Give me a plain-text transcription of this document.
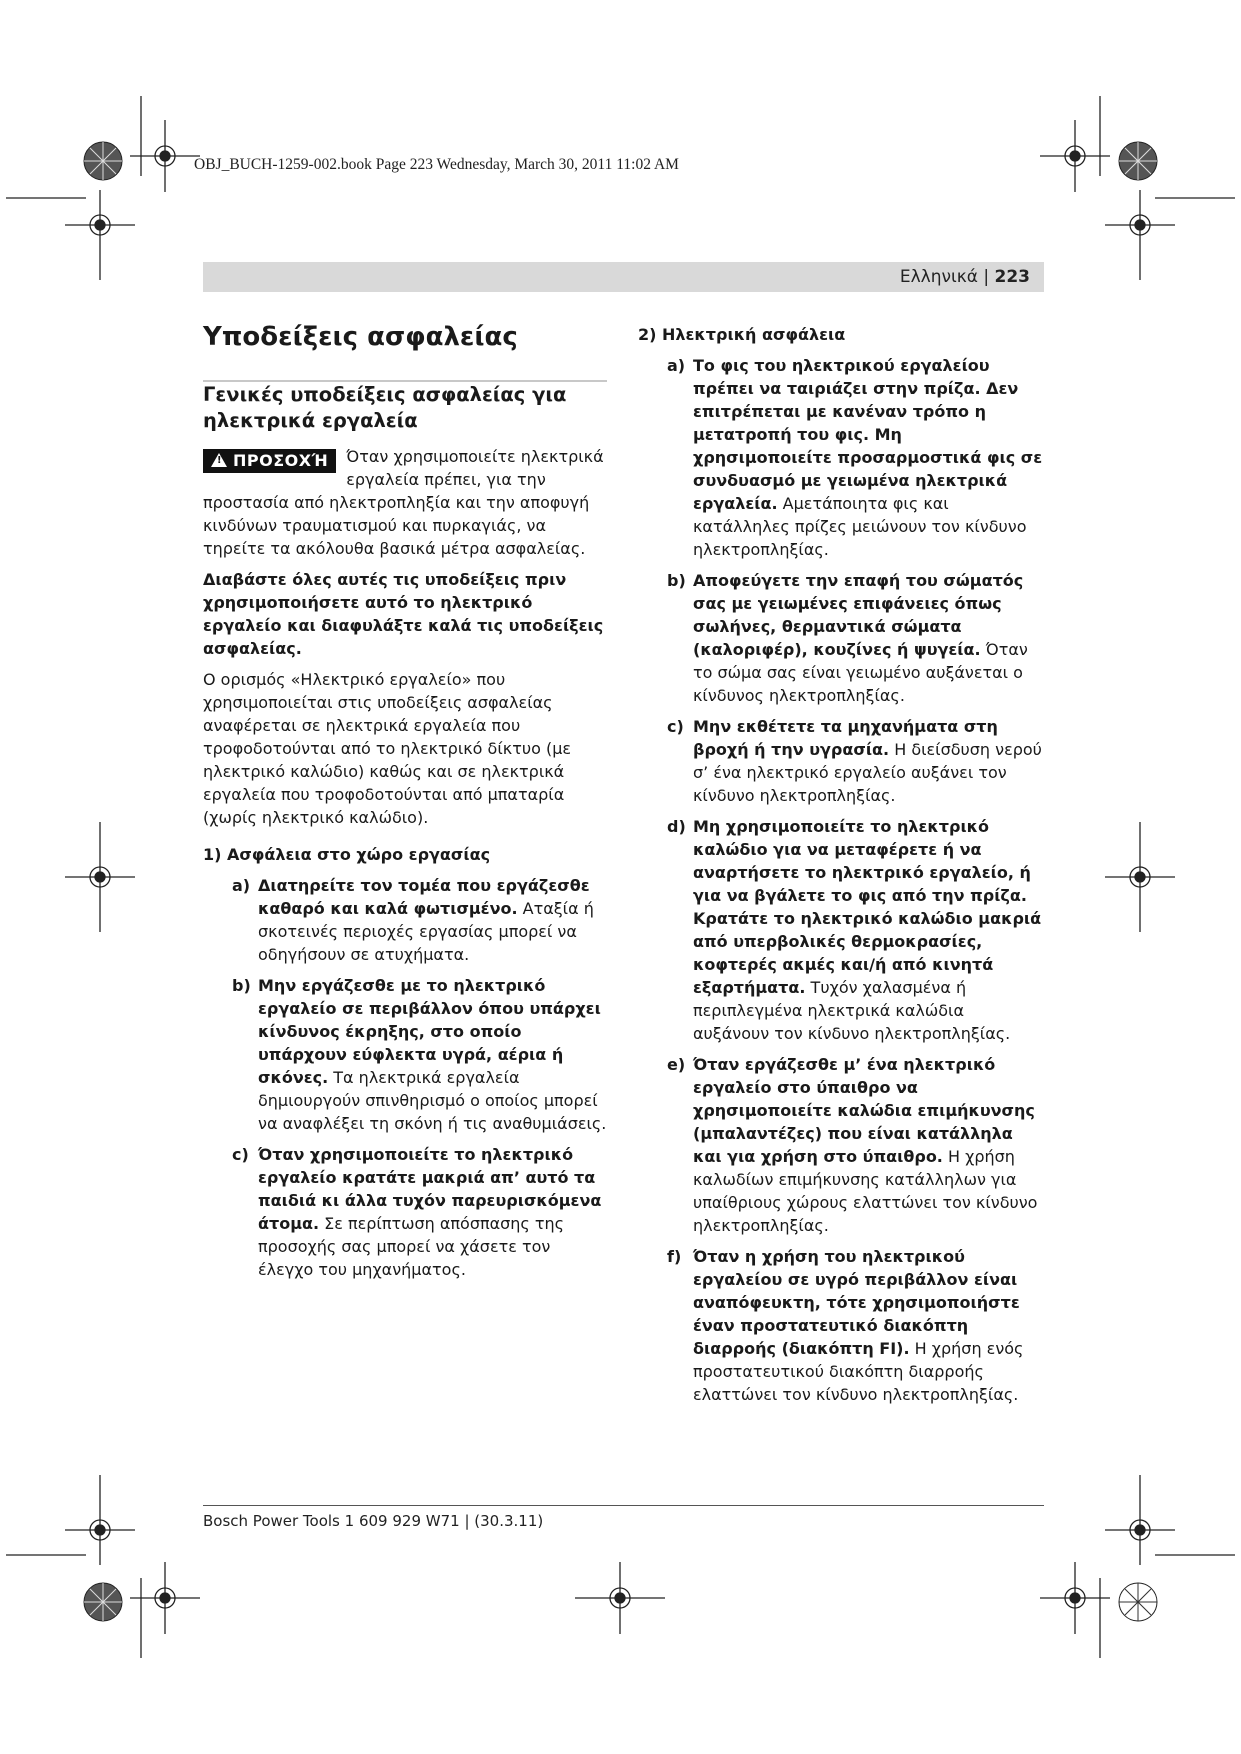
OBJ_BUCH-1259-002.book Page 223 Wednesday, March 30, 2011 11:02 AM
Ελληνικά | 223

Υποδείξεις ασφαλείας

Γενικές υποδείξεις ασφαλείας για ηλεκτρικά εργαλεία

!ΠΡΟΣΟΧΉ	Όταν χρησιμοποιείτε ηλεκτρικά εργαλεία πρέπει, για την προστασία από ηλεκτροπληξία και την αποφυγή κινδύνων τραυματισμού και πυρκαγιάς, να τηρείτε τα ακόλουθα βασικά μέτρα ασφαλείας.

Διαβάστε όλες αυτές τις υποδείξεις πριν χρησιμοποιήσετε αυτό το ηλεκτρικό εργαλείο και διαφυλάξτε καλά τις υποδείξεις ασφαλείας.

Ο ορισμός «Ηλεκτρικό εργαλείο» που χρησιμοποιείται στις υποδείξεις ασφαλείας αναφέρεται σε ηλεκτρικά εργαλεία που τροφοδοτούνται από το ηλεκτρικό δίκτυο (με ηλεκτρικό καλώδιο) καθώς και σε ηλεκτρικά εργαλεία που τροφοδοτούνται από μπαταρία (χωρίς ηλεκτρικό καλώδιο).

1) Ασφάλεια στο χώρο εργασίας
a) Διατηρείτε τον τομέα που εργάζεσθε καθαρό και καλά φωτισμένο. Αταξία ή σκοτεινές περιοχές εργασίας μπορεί να οδηγήσουν σε ατυχήματα.
b) Μην εργάζεσθε με το ηλεκτρικό εργαλείο σε περιβάλλον όπου υπάρχει κίνδυνος έκρηξης, στο οποίο υπάρχουν εύφλεκτα υγρά, αέρια ή σκόνες. Τα ηλεκτρικά εργαλεία δημιουργούν σπινθηρισμό ο οποίος μπορεί να αναφλέξει τη σκόνη ή τις αναθυμιάσεις.
c) Όταν χρησιμοποιείτε το ηλεκτρικό εργαλείο κρατάτε μακριά απ’ αυτό τα παιδιά κι άλλα τυχόν παρευρισκόμενα άτομα. Σε περίπτωση απόσπασης της προσοχής σας μπορεί να χάσετε τον έλεγχο του μηχανήματος.
2) Ηλεκτρική ασφάλεια
a) Το φις του ηλεκτρικού εργαλείου πρέπει να ταιριάζει στην πρίζα. Δεν επιτρέπεται με κανέναν τρόπο η μετατροπή του φις. Μη χρησιμοποιείτε προσαρμοστικά φις σε συνδυασμό με γειωμένα ηλεκτρικά εργαλεία. Αμετάποιητα φις και κατάλληλες πρίζες μειώνουν τον κίνδυνο ηλεκτροπληξίας.
b) Αποφεύγετε την επαφή του σώματός σας με γειωμένες επιφάνειες όπως σωλήνες, θερμαντικά σώματα (καλοριφέρ), κουζίνες ή ψυγεία. Όταν το σώμα σας είναι γειωμένο αυξάνεται ο κίνδυνος ηλεκτροπληξίας.
c) Μην εκθέτετε τα μηχανήματα στη βροχή ή την υγρασία. Η διείσδυση νερού σ’ ένα ηλεκτρικό εργαλείο αυξάνει τον κίνδυνο ηλεκτροπληξίας.
d) Μη χρησιμοποιείτε το ηλεκτρικό καλώδιο για να μεταφέρετε ή να αναρτήσετε το ηλεκτρικό εργαλείο, ή για να βγάλετε το φις από την πρίζα. Κρατάτε το ηλεκτρικό καλώδιο μακριά από υπερβολικές θερμοκρασίες, κοφτερές ακμές και/ή από κινητά εξαρτήματα. Τυχόν χαλασμένα ή περιπλεγμένα ηλεκτρικά καλώδια αυξάνουν τον κίνδυνο ηλεκτροπληξίας.
e) Όταν εργάζεσθε μ’ ένα ηλεκτρικό εργαλείο στο ύπαιθρο να χρησιμοποιείτε καλώδια επιμήκυνσης (μπαλαντέζες) που είναι κατάλληλα και για χρήση στο ύπαιθρο. Η χρήση καλωδίων επιμήκυνσης κατάλληλων για υπαίθριους χώρους ελαττώνει τον κίνδυνο ηλεκτροπληξίας.
f) Όταν η χρήση του ηλεκτρικού εργαλείου σε υγρό περιβάλλον είναι αναπόφευκτη, τότε χρησιμοποιήστε έναν προστατευτικό διακόπτη διαρροής (διακόπτη FI). Η χρήση ενός προστατευτικού διακόπτη διαρροής ελαττώνει τον κίνδυνο ηλεκτροπληξίας.
Bosch Power Tools 1 609 929 W71 | (30.3.11)
